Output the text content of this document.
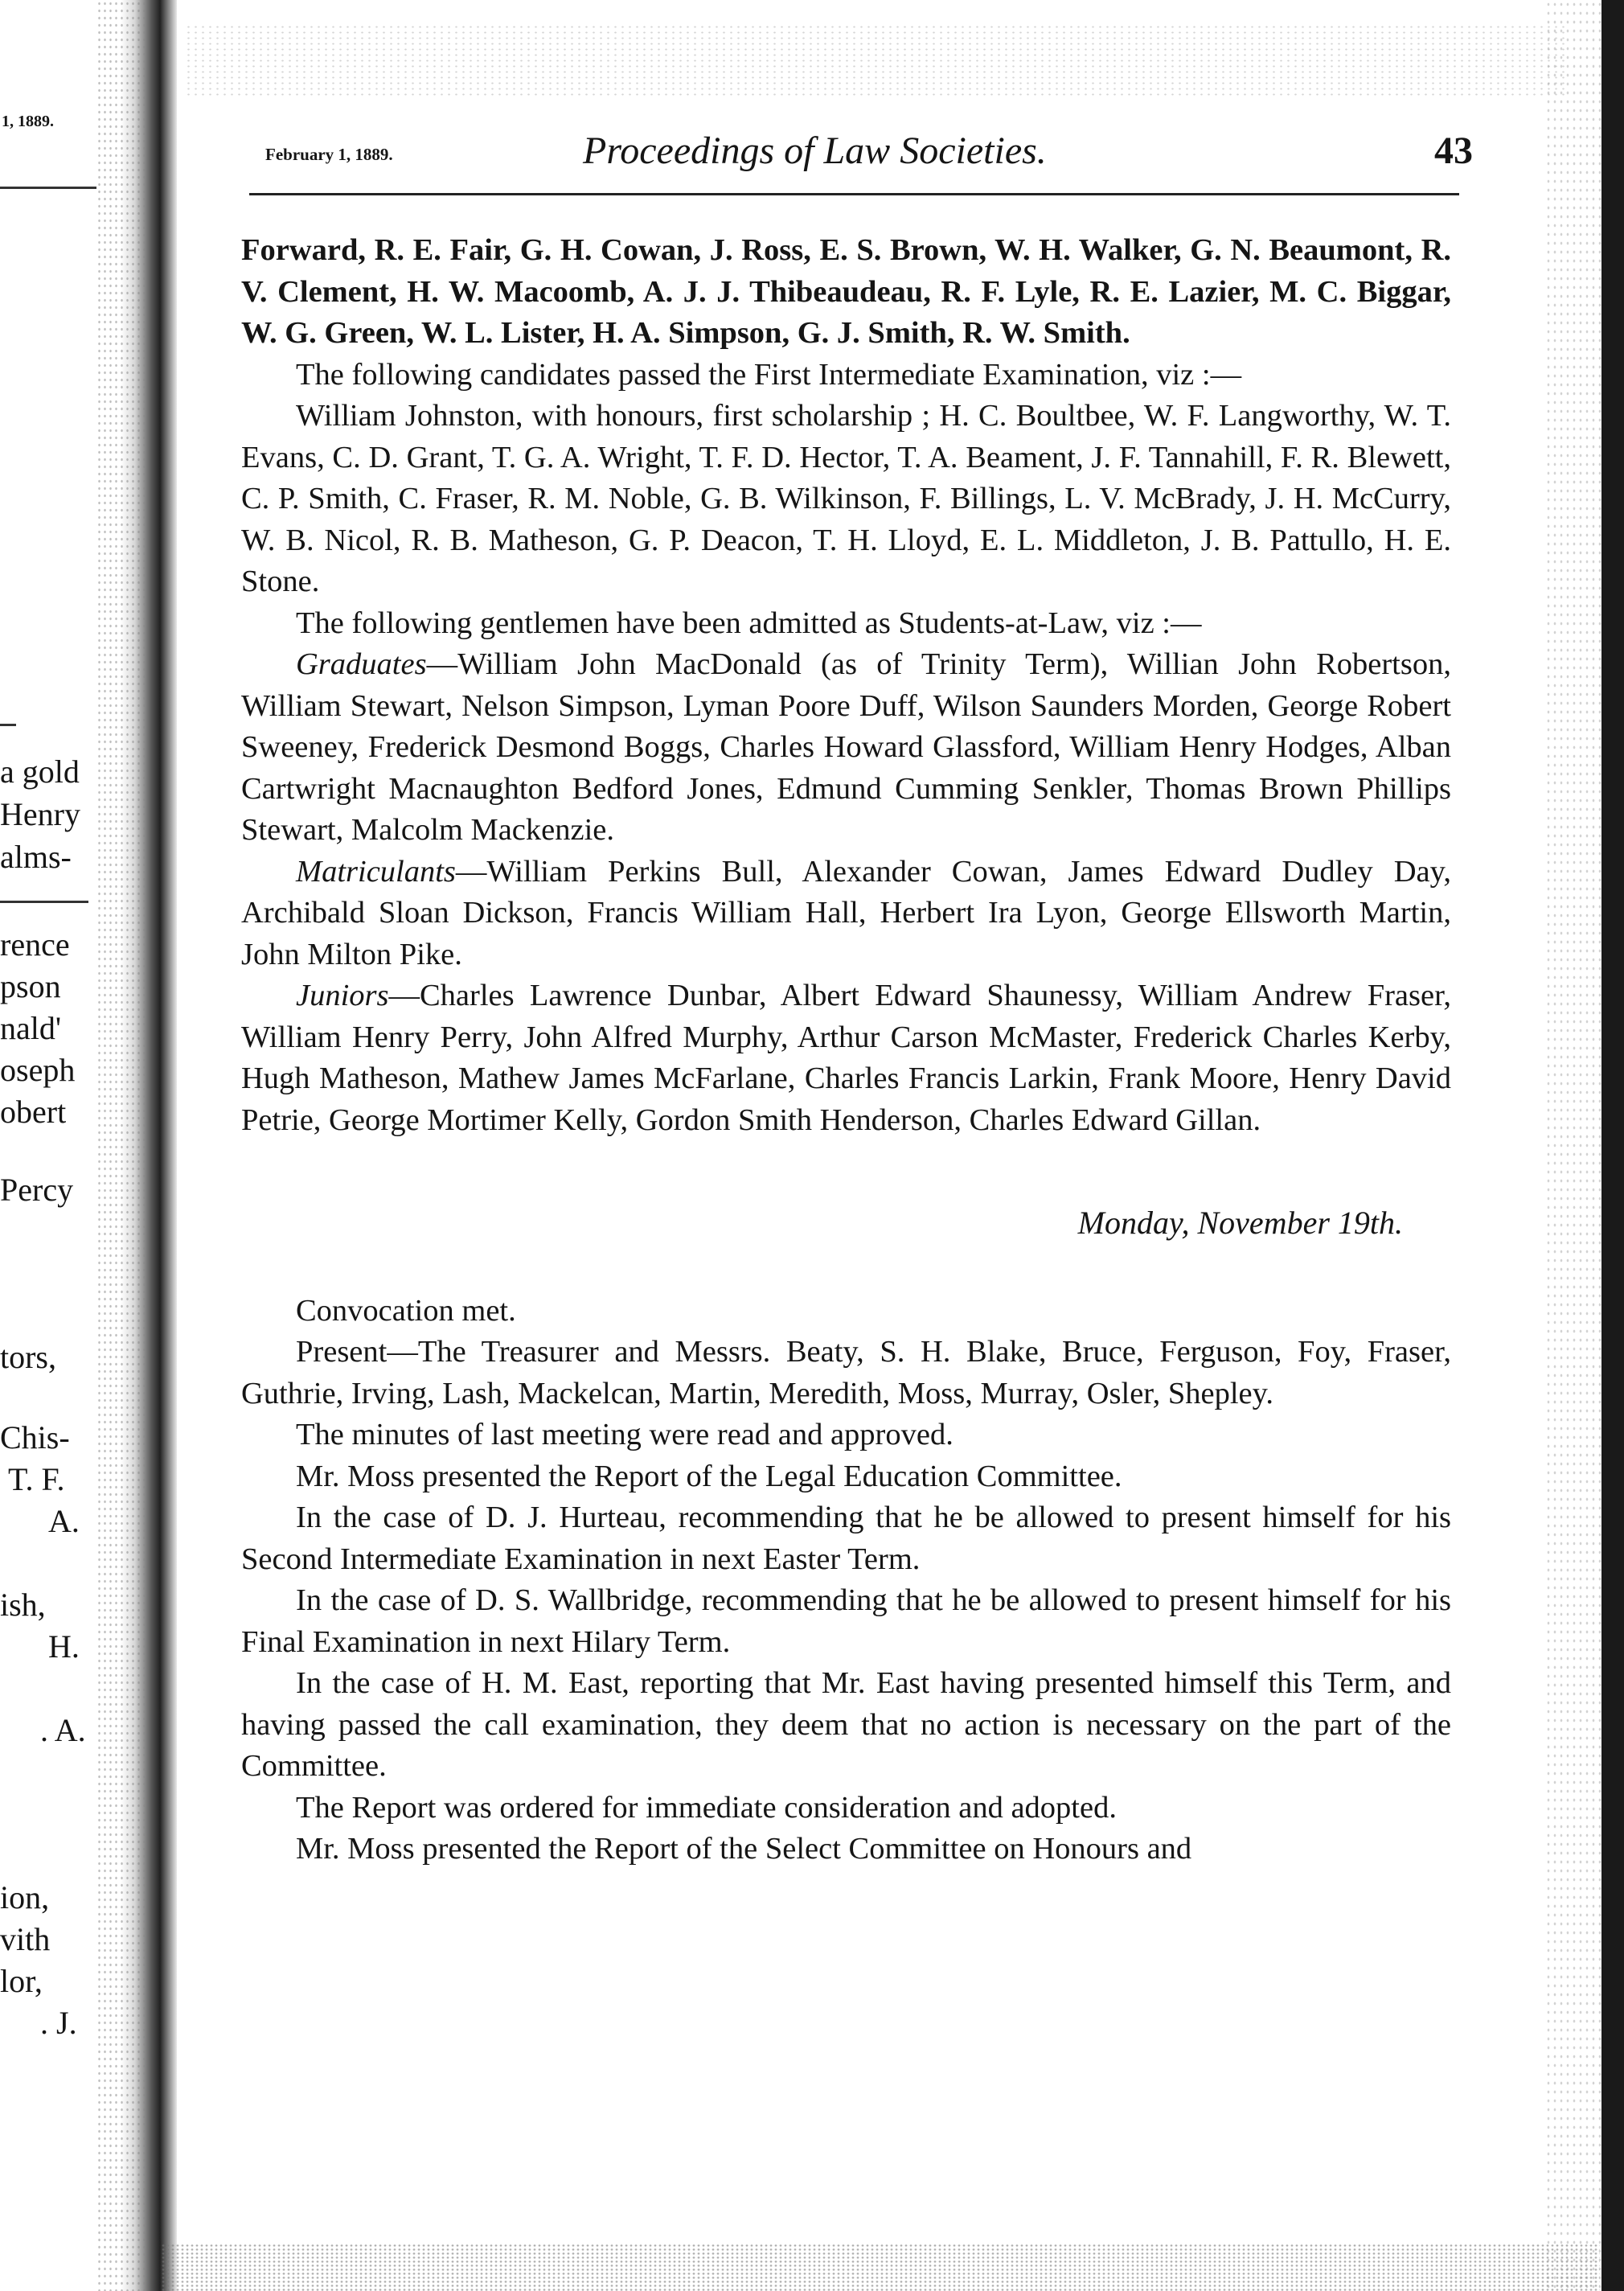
1, 1889.
a gold
Henry
alms-
rence
pson
nald'
oseph
obert
Percy
tors,
Chis-
T. F.
A.
ish,
H.
. A.
ion,
vith
lor,
. J.
February 1, 1889.	Proceedings of Law Societies.	43

Forward, R. E. Fair, G. H. Cowan, J. Ross, E. S. Brown, W. H. Walker, G. N. Beaumont, R. V. Clement, H. W. Macoomb, A. J. J. Thibeaudeau, R. F. Lyle, R. E. Lazier, M. C. Biggar, W. G. Green, W. L. Lister, H. A. Simpson, G. J. Smith, R. W. Smith.

The following candidates passed the First Intermediate Examination, viz :—

William Johnston, with honours, first scholarship ; H. C. Boultbee, W. F. Langworthy, W. T. Evans, C. D. Grant, T. G. A. Wright, T. F. D. Hector, T. A. Beament, J. F. Tannahill, F. R. Blewett, C. P. Smith, C. Fraser, R. M. Noble, G. B. Wilkinson, F. Billings, L. V. McBrady, J. H. McCurry, W. B. Nicol, R. B. Matheson, G. P. Deacon, T. H. Lloyd, E. L. Middleton, J. B. Pattullo, H. E. Stone.

The following gentlemen have been admitted as Students-at-Law, viz :—

Graduates—William John MacDonald (as of Trinity Term), Willian John Robertson, William Stewart, Nelson Simpson, Lyman Poore Duff, Wilson Saunders Morden, George Robert Sweeney, Frederick Desmond Boggs, Charles Howard Glassford, William Henry Hodges, Alban Cartwright Macnaughton Bedford Jones, Edmund Cumming Senkler, Thomas Brown Phillips Stewart, Malcolm Mackenzie.

Matriculants—William Perkins Bull, Alexander Cowan, James Edward Dudley Day, Archibald Sloan Dickson, Francis William Hall, Herbert Ira Lyon, George Ellsworth Martin, John Milton Pike.

Juniors—Charles Lawrence Dunbar, Albert Edward Shaunessy, William Andrew Fraser, William Henry Perry, John Alfred Murphy, Arthur Carson McMaster, Frederick Charles Kerby, Hugh Matheson, Mathew James McFarlane, Charles Francis Larkin, Frank Moore, Henry David Petrie, George Mortimer Kelly, Gordon Smith Henderson, Charles Edward Gillan.

Monday, November 19th.

Convocation met.

Present—The Treasurer and Messrs. Beaty, S. H. Blake, Bruce, Ferguson, Foy, Fraser, Guthrie, Irving, Lash, Mackelcan, Martin, Meredith, Moss, Murray, Osler, Shepley.

The minutes of last meeting were read and approved.

Mr. Moss presented the Report of the Legal Education Committee.

In the case of D. J. Hurteau, recommending that he be allowed to present himself for his Second Intermediate Examination in next Easter Term.

In the case of D. S. Wallbridge, recommending that he be allowed to present himself for his Final Examination in next Hilary Term.

In the case of H. M. East, reporting that Mr. East having presented himself this Term, and having passed the call examination, they deem that no action is necessary on the part of the Committee.

The Report was ordered for immediate consideration and adopted.

Mr. Moss presented the Report of the Select Committee on Honours and
